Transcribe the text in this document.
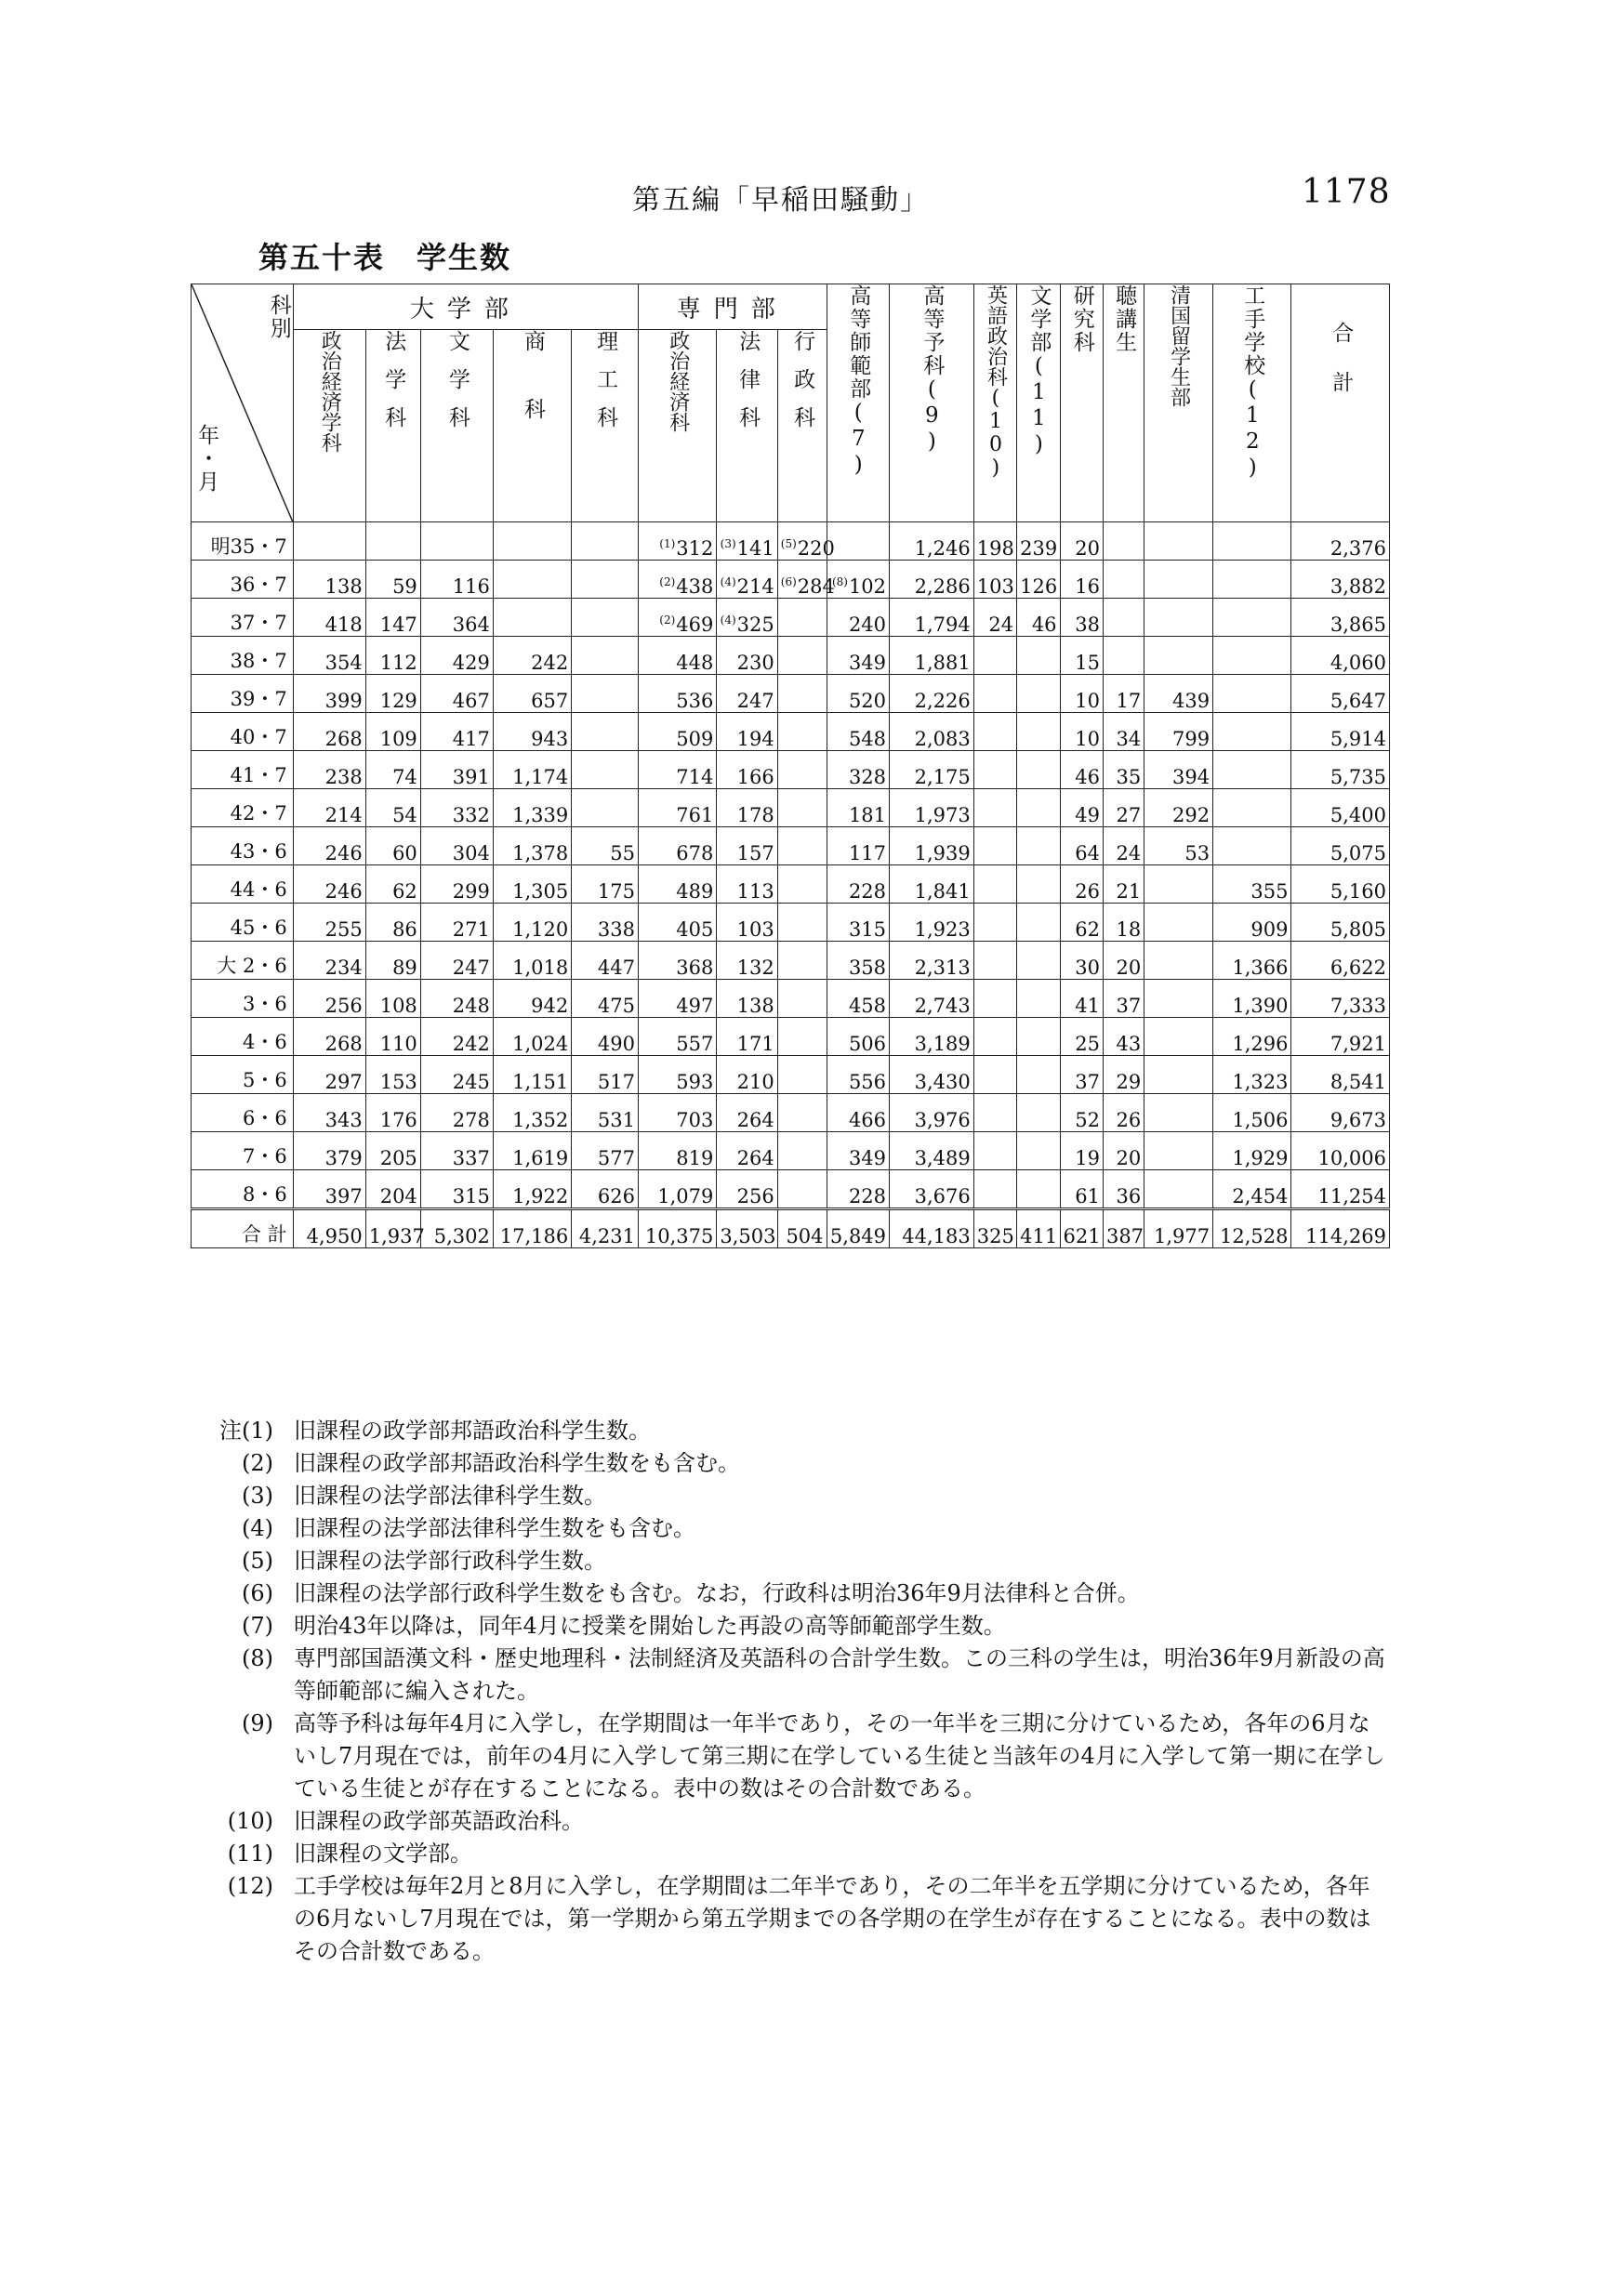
第五編「早稲田騒動」	1178
第五十表　学生数
科別
年・月	大学部					専門部			高等師範部(7)	高等予科(9)	英語政治科(10)	文学部(11)	研究科	聴講生	清国留学生部	工手学校(12)	合計

	政治経済学科	法学科	文学科	商科	理工科	政治経済科	法律科	行政科									

明35・7						$^{(1)}$312	$^{(3)}$141	$^{(5)}$220		1,246	198	239	20				2,376
36・7	138	59	116			$^{(2)}$438	$^{(4)}$214	$^{(6)}$284	$^{(8)}$102	2,286	103	126	16				3,882
37・7	418	147	364			$^{(2)}$469	$^{(4)}$325		240	1,794	24	46	38				3,865
38・7	354	112	429	242		448	230		349	1,881			15				4,060
39・7	399	129	467	657		536	247		520	2,226			10	17	439		5,647
40・7	268	109	417	943		509	194		548	2,083			10	34	799		5,914
41・7	238	74	391	1,174		714	166		328	2,175			46	35	394		5,735
42・7	214	54	332	1,339		761	178		181	1,973			49	27	292		5,400
43・6	246	60	304	1,378	55	678	157		117	1,939			64	24	53		5,075
44・6	246	62	299	1,305	175	489	113		228	1,841			26	21		355	5,160
45・6	255	86	271	1,120	338	405	103		315	1,923			62	18		909	5,805
大 2・6	234	89	247	1,018	447	368	132		358	2,313			30	20		1,366	6,622
3・6	256	108	248	942	475	497	138		458	2,743			41	37		1,390	7,333
4・6	268	110	242	1,024	490	557	171		506	3,189			25	43		1,296	7,921
5・6	297	153	245	1,151	517	593	210		556	3,430			37	29		1,323	8,541
6・6	343	176	278	1,352	531	703	264		466	3,976			52	26		1,506	9,673
7・6	379	205	337	1,619	577	819	264		349	3,489			19	20		1,929	10,006
8・6	397	204	315	1,922	626	1,079	256		228	3,676			61	36		2,454	11,254
合 計	4,950	1,937	5,302	17,186	4,231	10,375	3,503	504	5,849	44,183	325	411	621	387	1,977	12,528	114,269
注(1) 旧課程の政学部邦語政治科学生数。
(2) 旧課程の政学部邦語政治科学生数をも含む。
(3) 旧課程の法学部法律科学生数。
(4) 旧課程の法学部法律科学生数をも含む。
(5) 旧課程の法学部行政科学生数。
(6) 旧課程の法学部行政科学生数をも含む。なお，行政科は明治36年9月法律科と合併。
(7) 明治43年以降は，同年4月に授業を開始した再設の高等師範部学生数。
(8) 専門部国語漢文科・歴史地理科・法制経済及英語科の合計学生数。この三科の学生は，明治36年9月新設の高等師範部に編入された。
(9) 高等予科は毎年4月に入学し，在学期間は一年半であり，その一年半を三期に分けているため，各年の6月ないし7月現在では，前年の4月に入学して第三期に在学している生徒と当該年の4月に入学して第一期に在学している生徒とが存在することになる。表中の数はその合計数である。
(10) 旧課程の政学部英語政治科。
(11) 旧課程の文学部。
(12) 工手学校は毎年2月と8月に入学し，在学期間は二年半であり，その二年半を五学期に分けているため，各年の6月ないし7月現在では，第一学期から第五学期までの各学期の在学生が存在することになる。表中の数はその合計数である。
